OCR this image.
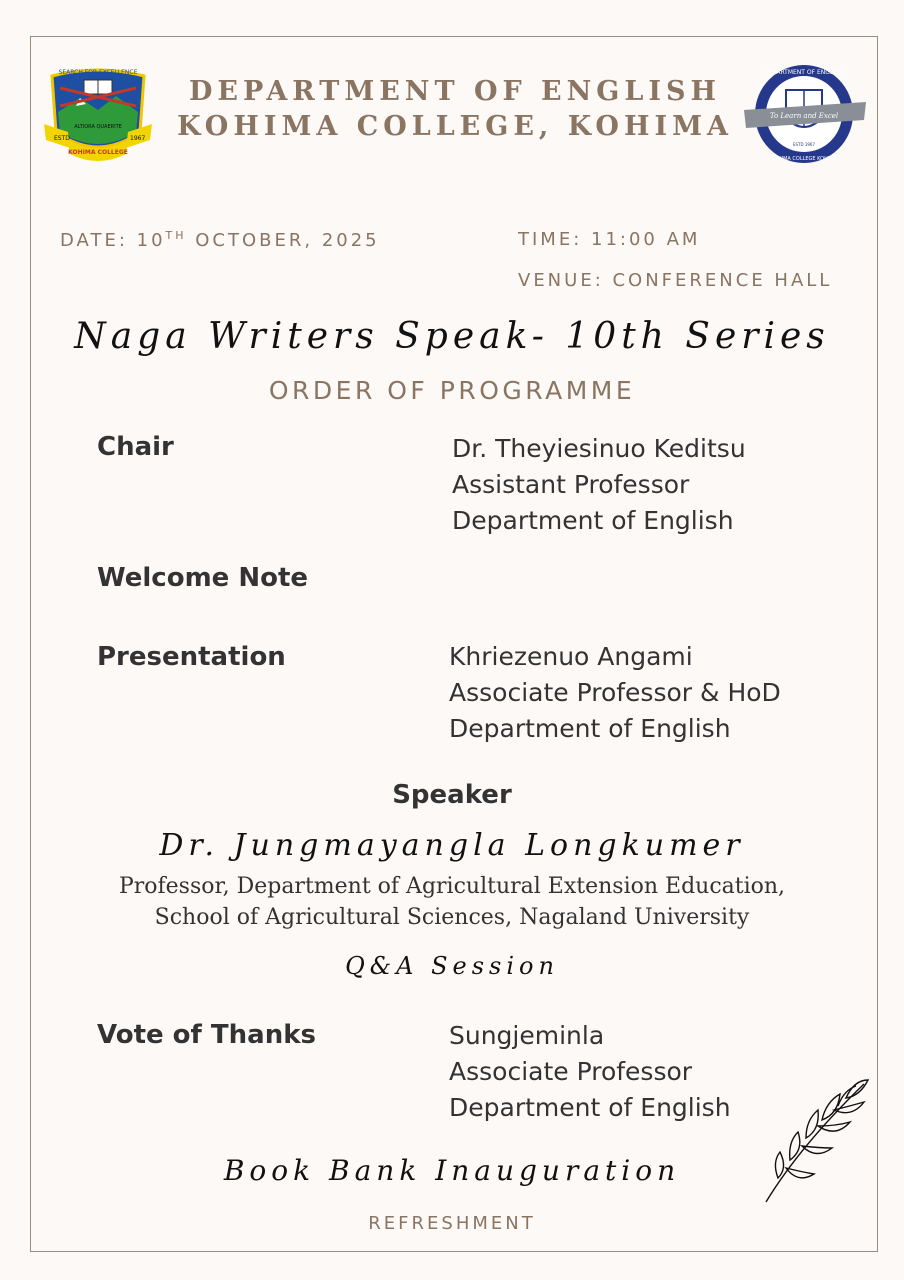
SEARCH FOR EXCELLENCE
ALTIORA QUAERITE
ESTD	1967
KOHIMA COLLEGE
DEPARTMENT OF ENGLISH
KOHIMA COLLEGE, KOHIMA	To Learn and Excel
DEPARTMENT OF ENGLISH
KOHIMA COLLEGE KOHIMA
ESTD 1967
DATE: 10TH OCTOBER, 2025	TIME: 11:00 AM
VENUE: CONFERENCE HALL
Naga Writers Speak- 10th Series
ORDER OF PROGRAMME
Chair	Dr. Theyiesinuo Keditsu
Assistant Professor
Department of English
Welcome Note
Presentation	Khriezenuo Angami
Associate Professor & HoD
Department of English
Speaker
Dr. Jungmayangla Longkumer
Professor, Department of Agricultural Extension Education,
School of Agricultural Sciences, Nagaland University
Q&A Session
Vote of Thanks	Sungjeminla
Associate Professor
Department of English
Book Bank Inauguration
REFRESHMENT
